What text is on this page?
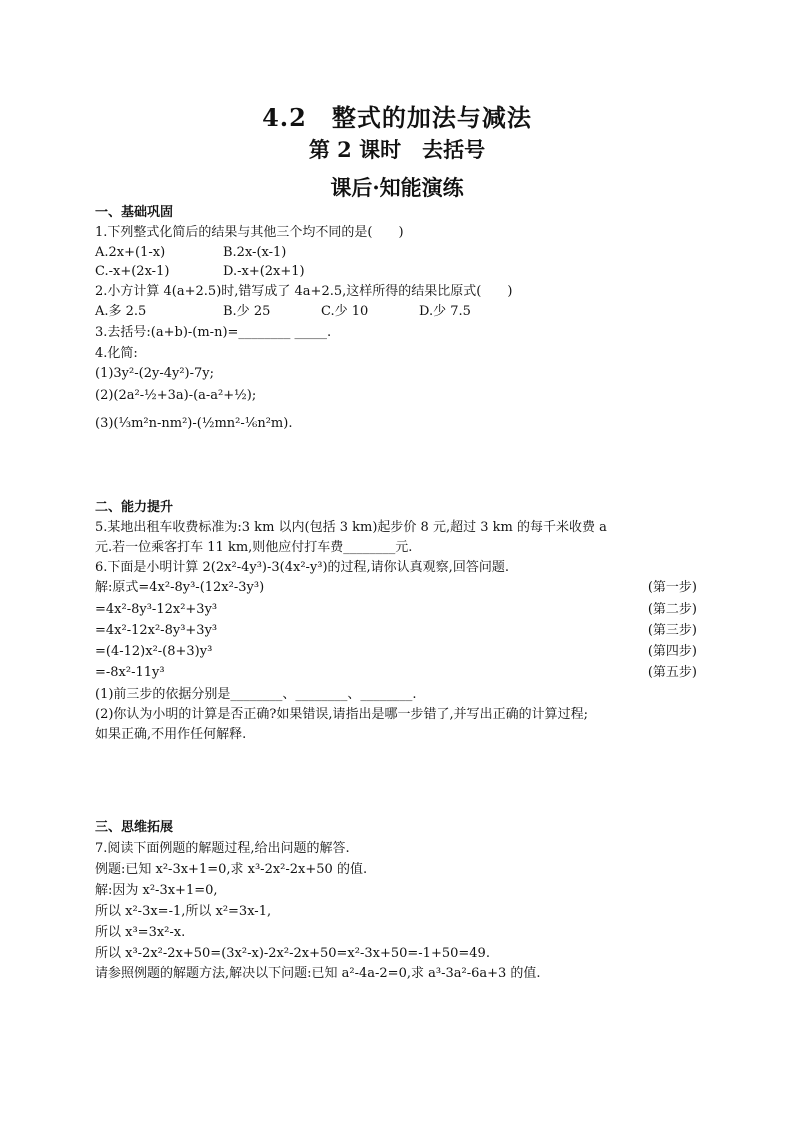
4.2　整式的加法与减法
第 2 课时　去括号
课后·知能演练
一、基础巩固
1.下列整式化简后的结果与其他三个均不同的是(　　)
A.2x+(1-x)	B.2x-(x-1)
C.-x+(2x-1)	D.-x+(2x+1)
2.小方计算 4(a+2.5)时,错写成了 4a+2.5,这样所得的结果比原式(　　)
A.多 2.5	B.少 25	C.少 10	D.少 7.5
3.去括号:(a+b)-(m-n)=________ _____.
4.化简:
(1)3y²-(2y-4y²)-7y;
(2)(2a²-½+3a)-(a-a²+½);
(3)(⅓m²n-nm²)-(½mn²-⅙n²m).
二、能力提升
5.某地出租车收费标准为:3 km 以内(包括 3 km)起步价 8 元,超过 3 km 的每千米收费 a
元.若一位乘客打车 11 km,则他应付打车费________元.
6.下面是小明计算 2(2x²-4y³)-3(4x²-y³)的过程,请你认真观察,回答问题.
解:原式=4x²-8y³-(12x²-3y³)	(第一步)
=4x²-8y³-12x²+3y³	(第二步)
=4x²-12x²-8y³+3y³	(第三步)
=(4-12)x²-(8+3)y³	(第四步)
=-8x²-11y³	(第五步)
(1)前三步的依据分别是________、________、________.
(2)你认为小明的计算是否正确?如果错误,请指出是哪一步错了,并写出正确的计算过程;
如果正确,不用作任何解释.
三、思维拓展
7.阅读下面例题的解题过程,给出问题的解答.
例题:已知 x²-3x+1=0,求 x³-2x²-2x+50 的值.
解:因为 x²-3x+1=0,
所以 x²-3x=-1,所以 x²=3x-1,
所以 x³=3x²-x.
所以 x³-2x²-2x+50=(3x²-x)-2x²-2x+50=x²-3x+50=-1+50=49.
请参照例题的解题方法,解决以下问题:已知 a²-4a-2=0,求 a³-3a²-6a+3 的值.
